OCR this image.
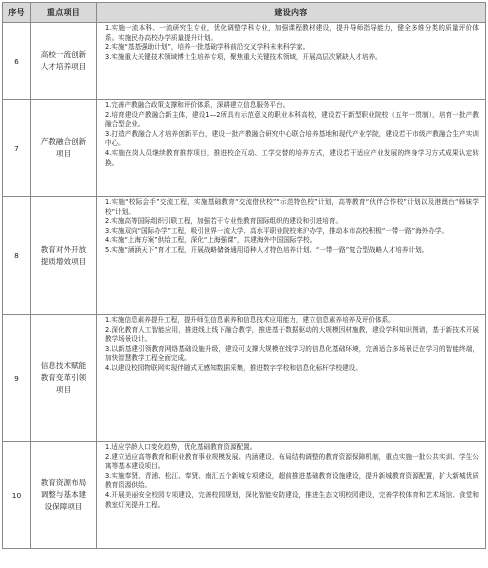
序号	重点项目	建设内容
6	高校一流创新人才培养项目	1.实施一流本科、一流研究生专业，优化调整学科专业，加强课程教材建设，提升导师指导能力，健全多维分类的质量评价体系。实施民办高校办学质量提升计划。
2.实施“基基强助计划”，培养一批基础学科前沿交叉学科未来科学家。
3.实施重大关键技术领域博士生培养专项，聚焦重大关键技术领域，开展高层次紧缺人才培养。

7	产教融合创新项目	1.完善产教融合政策支撑和评价体系，深耕建立信息服务平台。
2.培育建设产教融合新主体，建设1—2所具有示范意义的职业本科高校，建设若干新型职业院校（五年一贯制），培育一批产教融合型企业。
3.打造产教融合人才培养创新平台，建设一批产教融合研究中心联合培养基地和现代产业学院，建设若干市级产教融合生产实训中心。
4.实施在岗人员继续教育推荐项目，推进校企互动、工学交替的培养方式，建设若干适应产业发展的终身学习方式成果认定转换。

8	教育对外开放提质增效项目	1.实施“校际会手”交流工程，实施基础教育“交流借伙校”“示范特色校”计划，高等教育“伙伴合作校”计划以及港澳台“姊妹学校”计划。
2.实施高等国际组织引联工程，加强若干专业性教育国际组织的建设和引进培育。
3.实施双向“国际办学”工程，吸引世界一流大学、高水平职业院校来沪办学，推动本市高校积极“一带一路”海外办学。
4.实施“上海方案”供给工程，深化“上海强课”，共建海外中国国际学校。
5.实施“涵涵天下”育才工程，开展战略储备通用语种人才特色培养计划、“一带一路”复合型战略人才培养计划。

9	信息技术赋能教育变革引领项目	1.实施信息素养提升工程，提升师生信息素养和信息技术应用能力，建立信息素养培养及评价体系。
2.深化教育人工智能应用，推进线上线下融合教学，推进基于数据驱动的大规模因材施教，建设学科知识图谱，基于新技术开展教学场景设计。
3.以新基建引领教育网络基础设施升级，建设可支撑大规模在线学习的信息化基础环境，完善适合多场景泛在学习的智能终端，加快智慧教学工程全面完成。
4.以建设校园物联网实现伴随式无感知数据采集，推进数字学校和信息化标杆学校建设。

10	教育资源布局调整与基本建设保障项目	1.适应学龄人口变化趋势，优化基础教育资源配置。
2.建立适应高等教育和职业教育事业规模发展、内涵建设、布局结构调整的教育资源保障机制，重点实施一批公共实训、学生公寓等基本建设项目。
3.实施奉贤、青浦、松江、奉贤、南汇五个新城专项建设，超前推进基础教育设施建设，提升新城教育资源配置，扩大新城优质教育资源供给。
4.开展美丽安全校园专项建设，完善校园规划，深化智能安防建设，推进生态文明校园建设，完善学校体育和艺术场馆、食堂和教室灯光提升工程。
